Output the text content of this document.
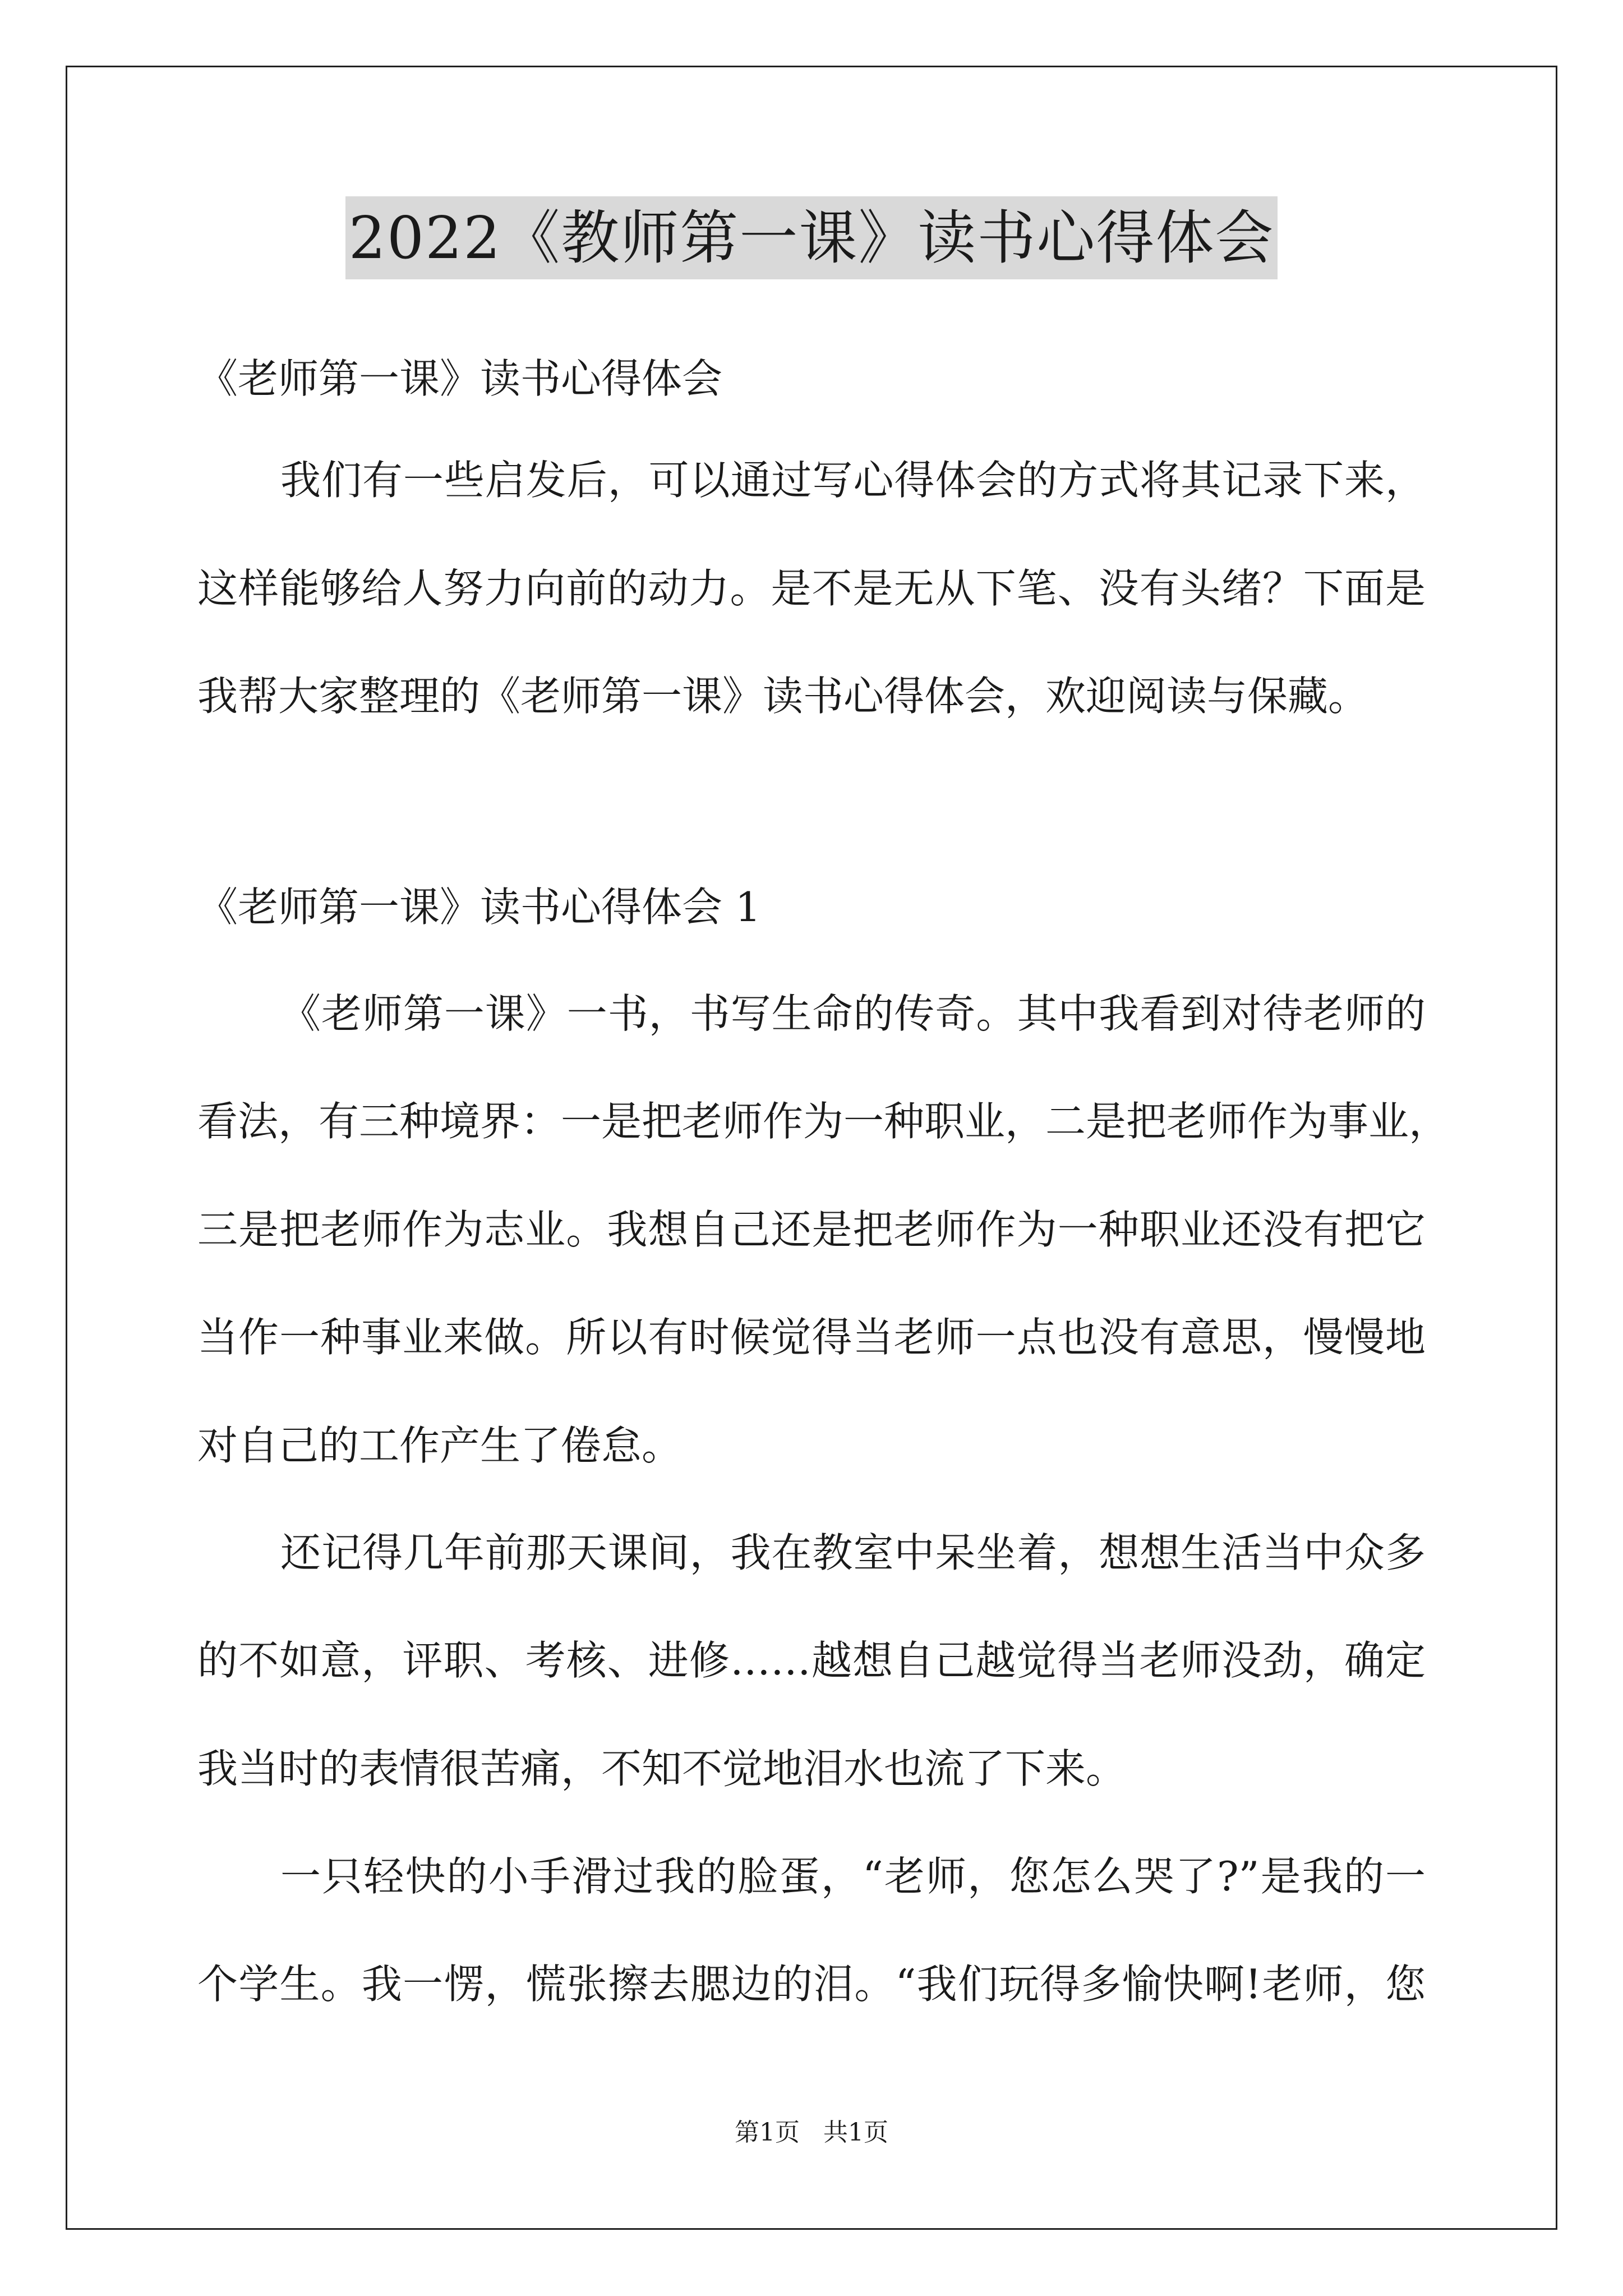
2022《教师第一课》读书心得体会
《老师第一课》读书心得体会
我们有一些启发后，可以通过写心得体会的方式将其记录下来，
这样能够给人努力向前的动力。是不是无从下笔、没有头绪？下面是
我帮大家整理的《老师第一课》读书心得体会，欢迎阅读与保藏。
《老师第一课》读书心得体会 1
《老师第一课》一书，书写生命的传奇。其中我看到对待老师的
看法，有三种境界：一是把老师作为一种职业，二是把老师作为事业，
三是把老师作为志业。我想自己还是把老师作为一种职业还没有把它
当作一种事业来做。所以有时候觉得当老师一点也没有意思，慢慢地
对自己的工作产生了倦怠。
还记得几年前那天课间，我在教室中呆坐着，想想生活当中众多
的不如意，评职、考核、进修……越想自己越觉得当老师没劲，确定
我当时的表情很苦痛，不知不觉地泪水也流了下来。
一只轻快的小手滑过我的脸蛋，“老师，您怎么哭了?”是我的一
个学生。我一愣，慌张擦去腮边的泪。“我们玩得多愉快啊!老师，您
第1页 共1页
